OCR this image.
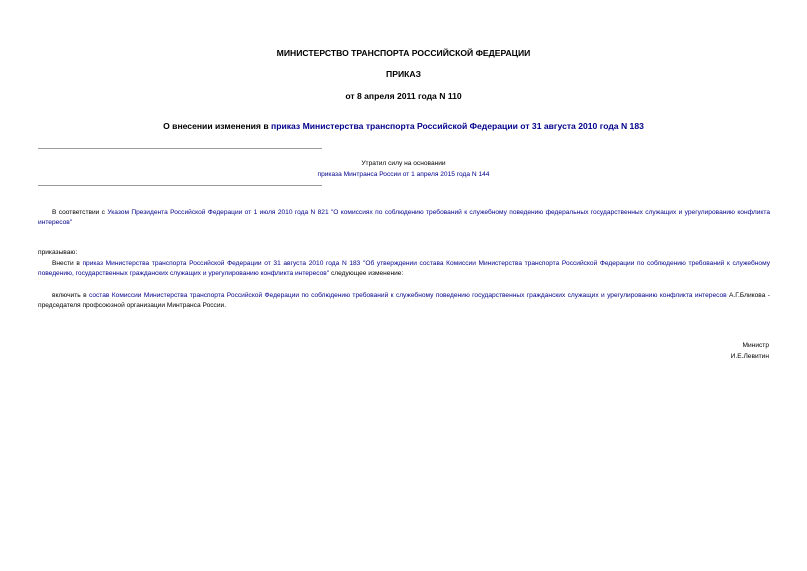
МИНИСТЕРСТВО ТРАНСПОРТА РОССИЙСКОЙ ФЕДЕРАЦИИ
ПРИКАЗ
от 8 апреля 2011 года N 110
О внесении изменения в приказ Министерства транспорта Российской Федерации от 31 августа 2010 года N 183
Утратил силу на основании
приказа Минтранса России от 1 апреля 2015 года N 144
В соответствии с Указом Президента Российской Федерации от 1 июля 2010 года N 821 "О комиссиях по соблюдению требований к служебному поведению федеральных государственных служащих и урегулированию конфликта интересов"
приказываю:
Внести в приказ Министерства транспорта Российской Федерации от 31 августа 2010 года N 183 "Об утверждении состава Комиссии Министерства транспорта Российской Федерации по соблюдению требований к служебному поведению, государственных гражданских служащих и урегулированию конфликта интересов" следующее изменение:
включить в состав Комиссии Министерства транспорта Российской Федерации по соблюдению требований к служебному поведению государственных гражданских служащих и урегулированию конфликта интересов А.Г.Бликова - председателя профсоюзной организации Минтранса России.
Министр
И.Е.Левитин
